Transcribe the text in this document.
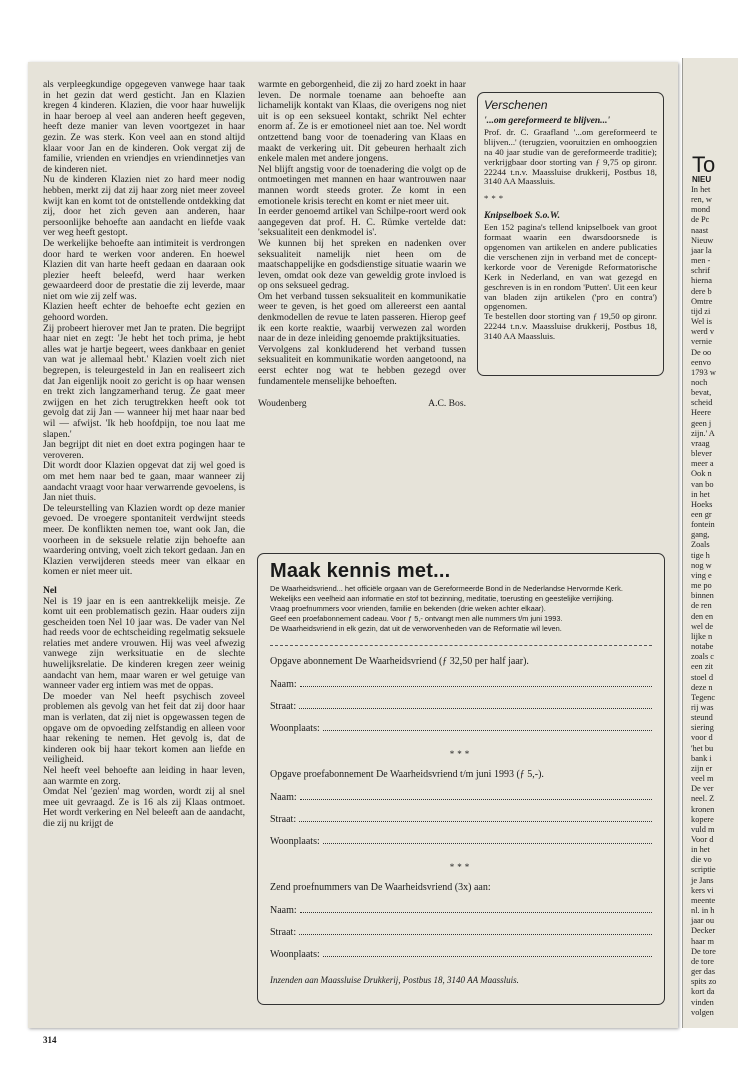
als verpleegkundige opgegeven vanwege haar taak in het gezin dat werd gesticht. Jan en Klazien kregen 4 kinderen. Klazien, die voor haar huwelijk in haar beroep al veel aan anderen heeft gegeven, heeft deze manier van leven voortgezet in haar gezin. Ze was sterk. Kon veel aan en stond altijd klaar voor Jan en de kinderen. Ook vergat zij de familie, vrienden en vriendjes en vriendinnetjes van de kinderen niet.

Nu de kinderen Klazien niet zo hard meer nodig hebben, merkt zij dat zij haar zorg niet meer zoveel kwijt kan en komt tot de ontstellende ontdekking dat zij, door het zich geven aan anderen, haar persoonlijke behoefte aan aandacht en liefde vaak ver weg heeft gestopt.

De werkelijke behoefte aan intimiteit is verdrongen door hard te werken voor anderen. En hoewel Klazien dit van harte heeft gedaan en daaraan ook plezier heeft beleefd, werd haar werken gewaardeerd door de prestatie die zij leverde, maar niet om wie zij zelf was.

Klazien heeft echter de behoefte echt gezien en gehoord worden.

Zij probeert hierover met Jan te praten. Die begrijpt haar niet en zegt: 'Je hebt het toch prima, je hebt alles wat je hartje begeert, wees dankbaar en geniet van wat je allemaal hebt.' Klazien voelt zich niet begrepen, is teleurgesteld in Jan en realiseert zich dat Jan eigenlijk nooit zo gericht is op haar wensen en trekt zich langzamerhand terug. Ze gaat meer zwijgen en het zich terugtrekken heeft ook tot gevolg dat zij Jan — wanneer hij met haar naar bed wil — afwijst. 'Ik heb hoofdpijn, toe nou laat me slapen.'

Jan begrijpt dit niet en doet extra pogingen haar te veroveren.

Dit wordt door Klazien opgevat dat zij wel goed is om met hem naar bed te gaan, maar wanneer zij aandacht vraagt voor haar verwarrende gevoelens, is Jan niet thuis.

De teleurstelling van Klazien wordt op deze manier gevoed. De vroegere spontaniteit verdwijnt steeds meer. De konflikten nemen toe, want ook Jan, die voorheen in de seksuele relatie zijn behoefte aan waardering ontving, voelt zich tekort gedaan. Jan en Klazien verwijderen steeds meer van elkaar en komen er niet meer uit.

Nel

Nel is 19 jaar en is een aantrekkelijk meisje. Ze komt uit een problematisch gezin. Haar ouders zijn gescheiden toen Nel 10 jaar was. De vader van Nel had reeds voor de echtscheiding regelmatig seksuele relaties met andere vrouwen. Hij was veel afwezig vanwege zijn werksituatie en de slechte huwelijksrelatie. De kinderen kregen zeer weinig aandacht van hem, maar waren er wel getuige van wanneer vader erg intiem was met de oppas.

De moeder van Nel heeft psychisch zoveel problemen als gevolg van het feit dat zij door haar man is verlaten, dat zij niet is opgewassen tegen de opgave om de opvoeding zelfstandig en alleen voor haar rekening te nemen. Het gevolg is, dat de kinderen ook bij haar tekort komen aan liefde en veiligheid.

Nel heeft veel behoefte aan leiding in haar leven, aan warmte en zorg.

Omdat Nel 'gezien' mag worden, wordt zij al snel mee uit gevraagd. Ze is 16 als zij Klaas ontmoet. Het wordt verkering en Nel beleeft aan de aandacht, die zij nu krijgt de

warmte en geborgenheid, die zij zo hard zoekt in haar leven. De normale toename aan behoefte aan lichamelijk kontakt van Klaas, die overigens nog niet uit is op een seksueel kontakt, schrikt Nel echter enorm af. Ze is er emotioneel niet aan toe. Nel wordt ontzettend bang voor de toenadering van Klaas en maakt de verkering uit. Dit gebeuren herhaalt zich enkele malen met andere jongens.

Nel blijft angstig voor de toenadering die volgt op de ontmoetingen met mannen en haar wantrouwen naar mannen wordt steeds groter. Ze komt in een emotionele krisis terecht en komt er niet meer uit.

In eerder genoemd artikel van Schilpe-roort werd ook aangegeven dat prof. H. C. Rümke vertelde dat: 'seksualiteit een denkmodel is'.

We kunnen bij het spreken en nadenken over seksualiteit namelijk niet heen om de maatschappelijke en godsdienstige situatie waarin we leven, omdat ook deze van geweldig grote invloed is op ons seksueel gedrag.

Om het verband tussen seksualiteit en kommunikatie weer te geven, is het goed om allereerst een aantal denkmodellen de revue te laten passeren. Hierop geef ik een korte reaktie, waarbij verwezen zal worden naar de in deze inleiding genoemde praktijksituaties.

Vervolgens zal konkluderend het verband tussen seksualiteit en kommunikatie worden aangetoond, na eerst echter nog wat te hebben gezegd over fundamentele menselijke behoeften.

Woudenberg	A.C. Bos.

Verschenen

'...om gereformeerd te blijven...'

Prof. dr. C. Graafland '...om gereformeerd te blijven...' (terugzien, vooruitzien en omhoogzien na 40 jaar studie van de gereformeerde traditie); verkrijgbaar door storting van ƒ 9,75 op gironr. 22244 t.n.v. Maassluise drukkerij, Postbus 18, 3140 AA Maassluis.

***

Knipselboek S.o.W.

Een 152 pagina's tellend knipselboek van groot formaat waarin een dwarsdoorsnede is opgenomen van artikelen en andere publicaties die verschenen zijn in verband met de concept-kerkorde voor de Verenigde Reformatorische Kerk in Nederland, en van wat gezegd en geschreven is in en rondom 'Putten'. Uit een keur van bladen zijn artikelen ('pro en contra') opgenomen.

Te bestellen door storting van ƒ 19,50 op gironr. 22244 t.n.v. Maassluise drukkerij, Postbus 18, 3140 AA Maassluis.

Maak kennis met...

De Waarheidsvriend... het officiële orgaan van de Gereformeerde Bond in de Nederlandse Hervormde Kerk.

Wekelijks een veelheid aan informatie en stof tot bezinning, meditatie, toerusting en geestelijke verrijking.

Vraag proefnummers voor vrienden, familie en bekenden (drie weken achter elkaar).

Geef een proefabonnement cadeau. Voor ƒ 5,- ontvangt men alle nummers t/m juni 1993.

De Waarheidsvriend in elk gezin, dat uit de verworvenheden van de Reformatie wil leven.

Opgave abonnement De Waarheidsvriend (ƒ 32,50 per half jaar).

Naam:
Straat:
Woonplaats:

***

Opgave proefabonnement De Waarheidsvriend t/m juni 1993 (ƒ 5,-).

Naam:
Straat:
Woonplaats:

***

Zend proefnummers van De Waarheidsvriend (3x) aan:

Naam:
Straat:
Woonplaats:

Inzenden aan Maassluise Drukkerij, Postbus 18, 3140 AA Maassluis.

314
To
NIEU
In het
ren, w
mond
de Pc
naast
Nieuw
jaar la
men -
schrif
hierna
dere b
Omtre
tijd zi
Wel is
werd v
vernie
De oo
eenvo
1793 w
noch
bevat,
scheid
Heere
geen j
zijn.' A
vraag
blever
meer a
Ook n
van bo
in het
Hoeks
een gr
fontein
gang,
Zoals
tige h
nog w
ving e
me po
binnen
de ren
den en
wel de
lijke n
notabe
zoals c
een zit
stoel d
deze n
Tegenc
rij was
steund
siering
voor d
'het bu
bank i
zijn er
veel m
De ver
neel. Z
kronen
kopere
vuld m
Voor d
in het
die vo
scriptie
je Jans
kers vi
meente
nl. in h
jaar ou
Decker
haar m
De tore
de tore
ger das
spits zo
kort da
vinden
volgen
